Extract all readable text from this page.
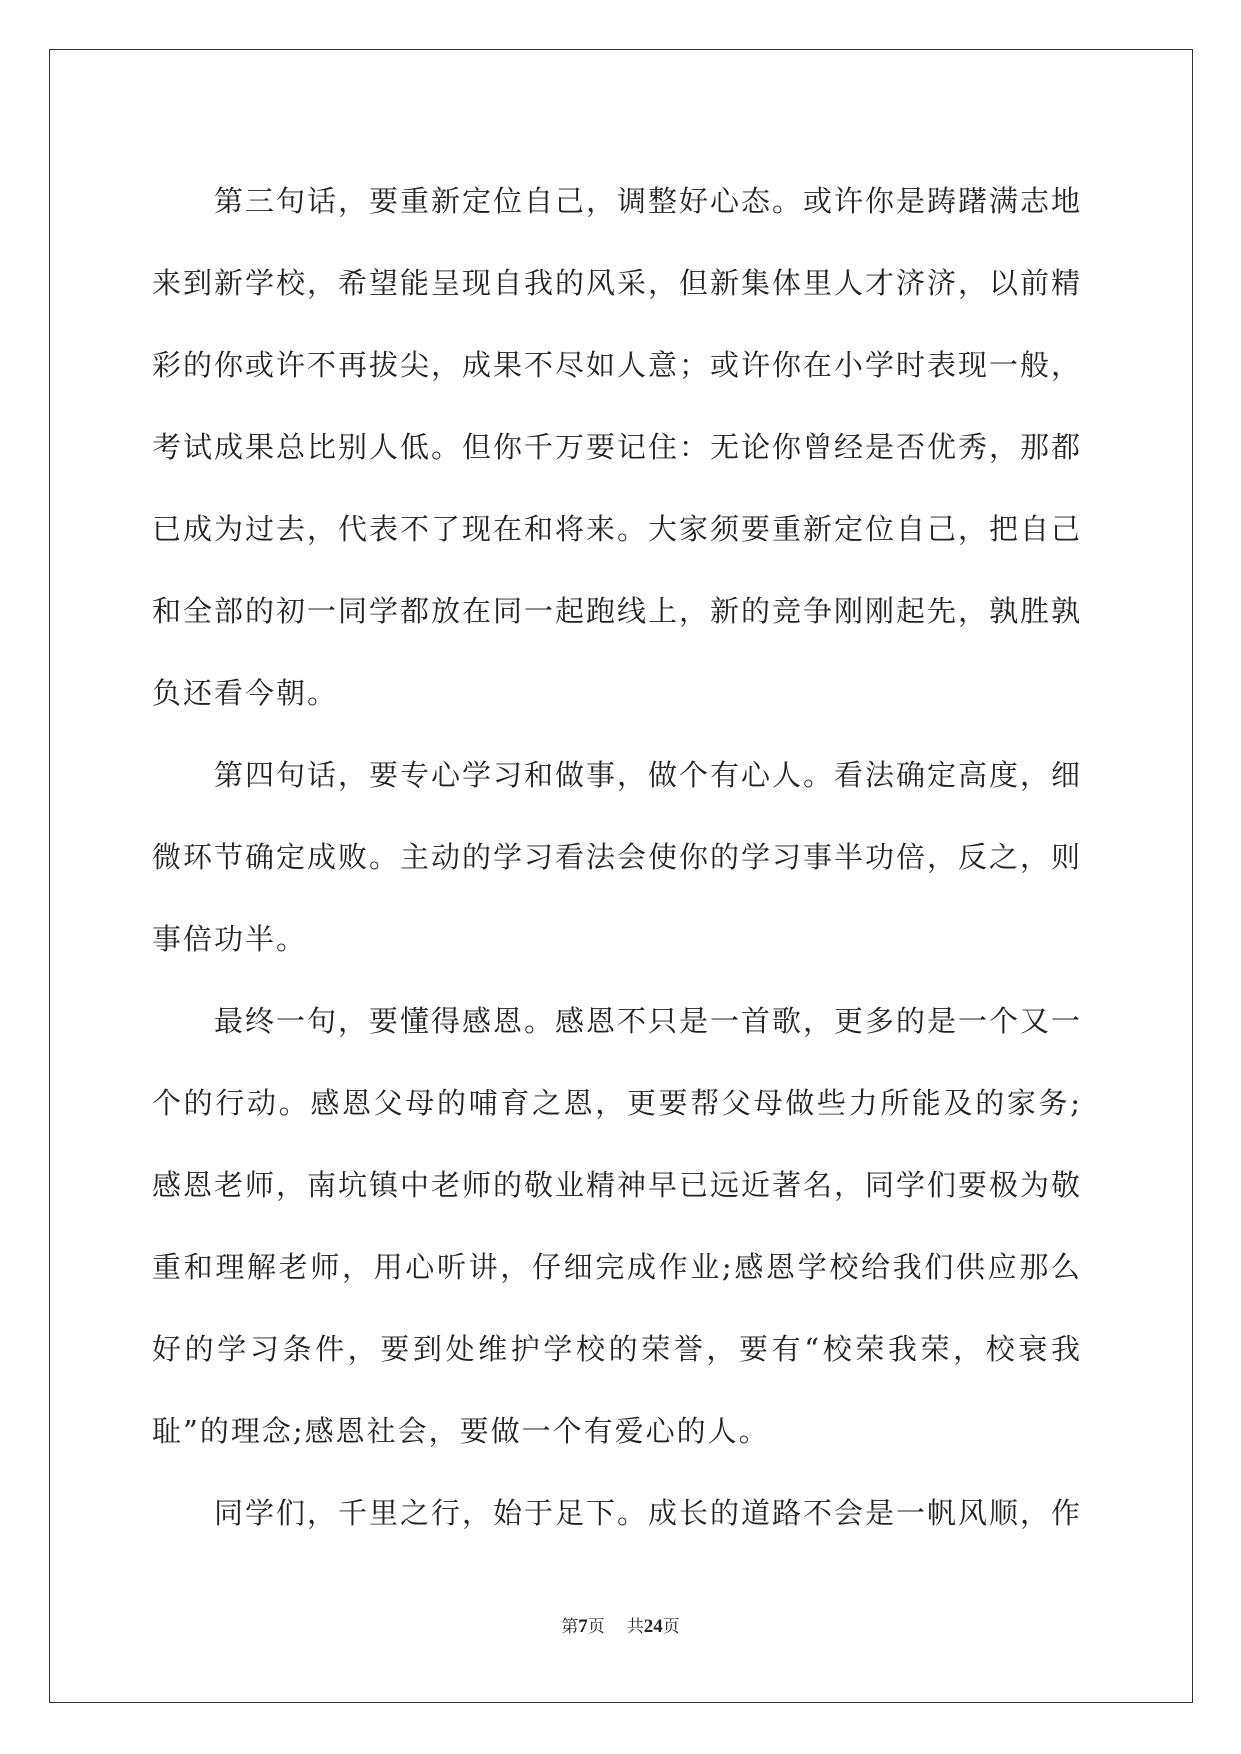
第三句话，要重新定位自己，调整好心态。或许你是踌躇满志地来到新学校，希望能呈现自我的风采，但新集体里人才济济，以前精彩的你或许不再拔尖，成果不尽如人意；或许你在小学时表现一般，考试成果总比别人低。但你千万要记住：无论你曾经是否优秀，那都已成为过去，代表不了现在和将来。大家须要重新定位自己，把自己和全部的初一同学都放在同一起跑线上，新的竞争刚刚起先，孰胜孰负还看今朝。

第四句话，要专心学习和做事，做个有心人。看法确定高度，细微环节确定成败。主动的学习看法会使你的学习事半功倍，反之，则事倍功半。

最终一句，要懂得感恩。感恩不只是一首歌，更多的是一个又一个的行动。感恩父母的哺育之恩，更要帮父母做些力所能及的家务;感恩老师，南坑镇中老师的敬业精神早已远近著名，同学们要极为敬重和理解老师，用心听讲，仔细完成作业;感恩学校给我们供应那么好的学习条件，要到处维护学校的荣誉，要有“校荣我荣，校衰我耻”的理念;感恩社会，要做一个有爱心的人。

同学们，千里之行，始于足下。成长的道路不会是一帆风顺，作

第7页 共24页
